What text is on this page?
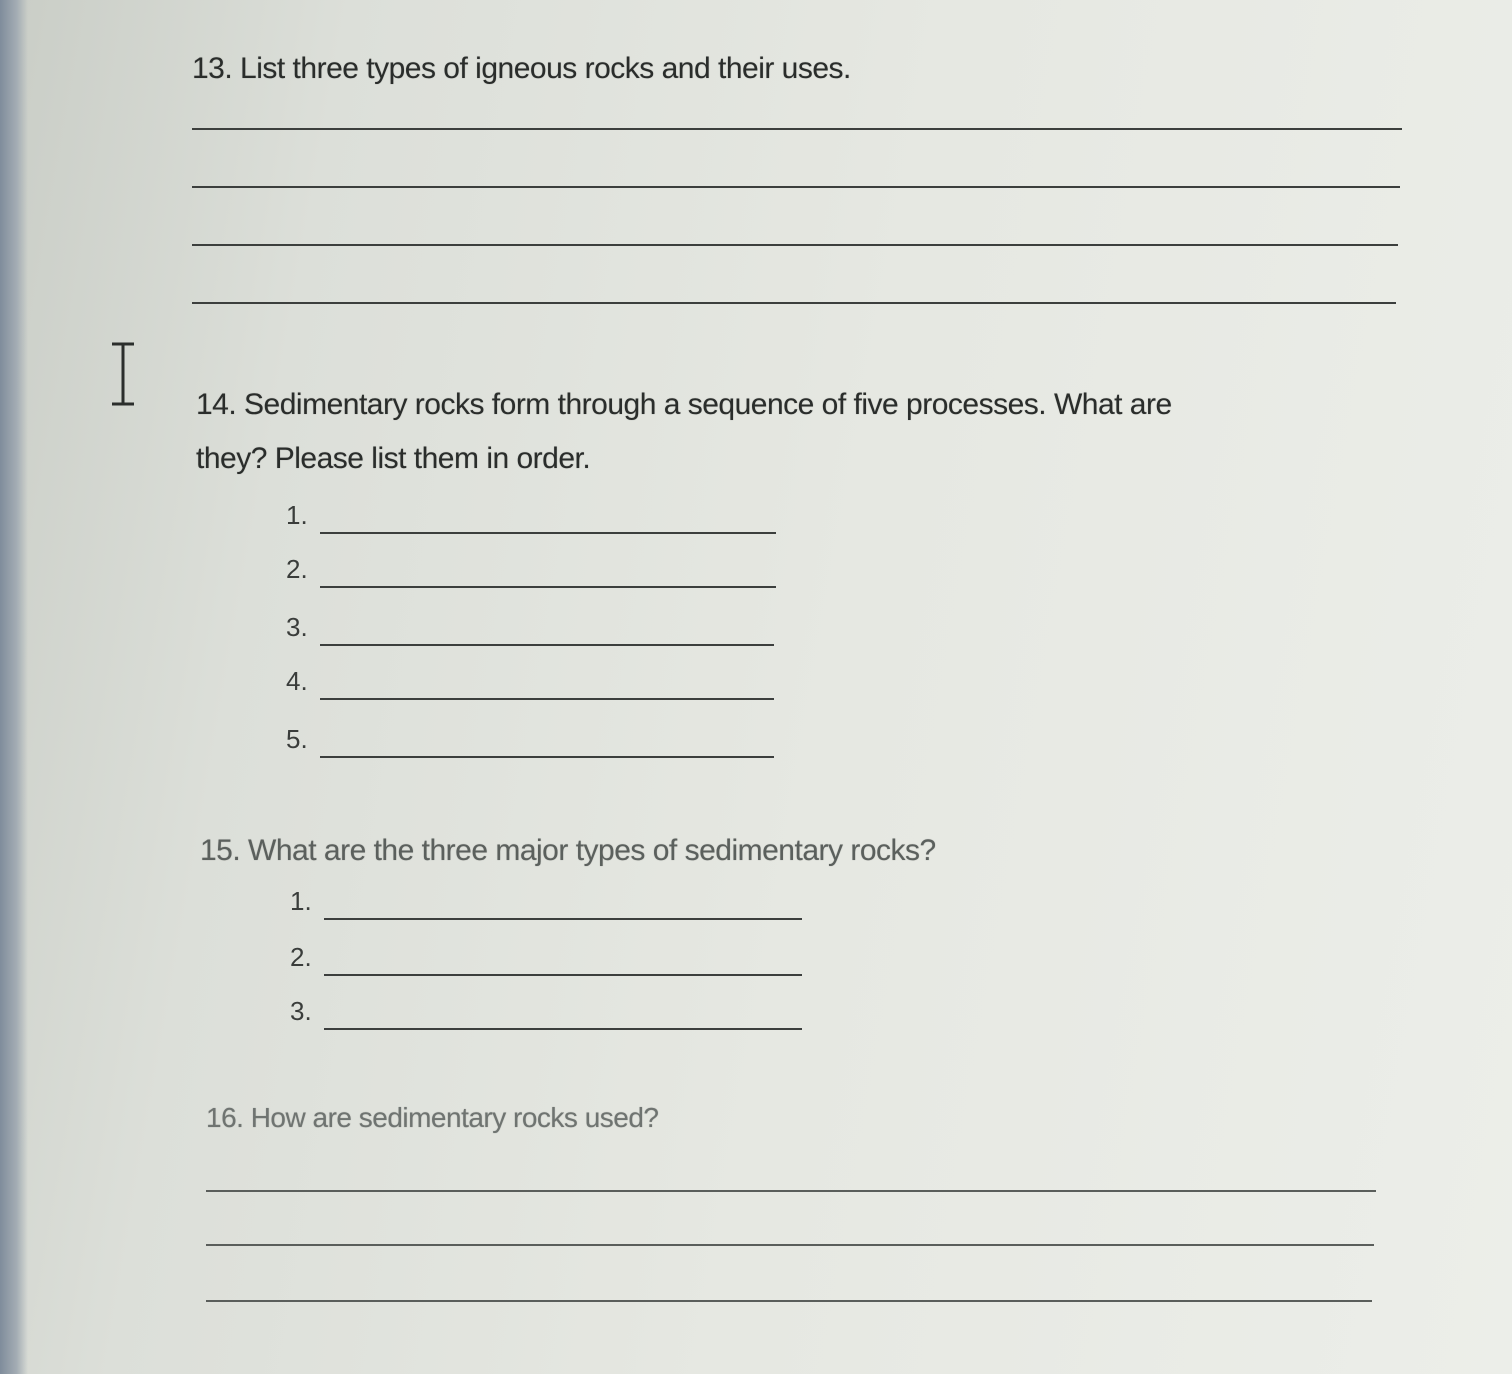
13. List three types of igneous rocks and their uses.
14. Sedimentary rocks form through a sequence of five processes. What are
they? Please list them in order.
1.
2.
3.
4.
5.
15. What are the three major types of sedimentary rocks?
1.
2.
3.
16. How are sedimentary rocks used?
